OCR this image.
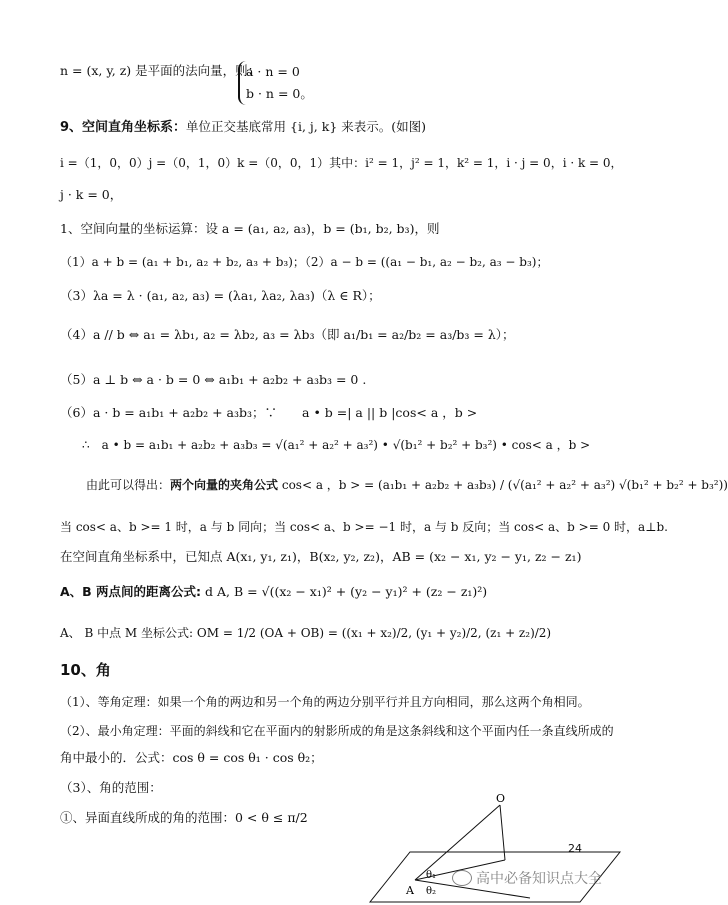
n = (x, y, z) 是平面的法向量，则：
a · n = 0
b · n = 0。
9、空间直角坐标系：单位正交基底常用 {i, j, k} 来表示。(如图)
i =（1，0，0）j =（0，1，0）k =（0，0，1）其中：i² = 1，j² = 1，k² = 1，i · j = 0，i · k = 0，
j · k = 0，
1、空间向量的坐标运算：设 a = (a₁, a₂, a₃)，b = (b₁, b₂, b₃)，则
（1）a + b = (a₁ + b₁, a₂ + b₂, a₃ + b₃)；（2）a − b = ((a₁ − b₁, a₂ − b₂, a₃ − b₃)；
（3）λa = λ · (a₁, a₂, a₃) = (λa₁, λa₂, λa₃)（λ ∈ R）；
（4）a // b ⇔ a₁ = λb₁, a₂ = λb₂, a₃ = λb₃（即 a₁/b₁ = a₂/b₂ = a₃/b₃ = λ）；
（5）a ⊥ b ⇔ a · b = 0 ⇔ a₁b₁ + a₂b₂ + a₃b₃ = 0 .
（6）a · b = a₁b₁ + a₂b₂ + a₃b₃；∵　　a • b =| a || b |cos< a ，b >
∴　a • b = a₁b₁ + a₂b₂ + a₃b₃ = √(a₁² + a₂² + a₃²) • √(b₁² + b₂² + b₃²) • cos< a ，b >
由此可以得出：两个向量的夹角公式 cos< a ，b > = (a₁b₁ + a₂b₂ + a₃b₃) / (√(a₁² + a₂² + a₃²) √(b₁² + b₂² + b₃²))
当 cos< a、b >= 1 时，a 与 b 同向；当 cos< a、b >= −1 时，a 与 b 反向；当 cos< a、b >= 0 时，a⊥b.
在空间直角坐标系中，已知点 A(x₁, y₁, z₁)，B(x₂, y₂, z₂)，AB = (x₂ − x₁, y₂ − y₁, z₂ − z₁)
A、B 两点间的距离公式: d A, B = √((x₂ − x₁)² + (y₂ − y₁)² + (z₂ − z₁)²)
A、 B 中点 M 坐标公式: OM = 1/2 (OA + OB) = ((x₁ + x₂)/2, (y₁ + y₂)/2, (z₁ + z₂)/2)
10、角
（1）、等角定理：如果一个角的两边和另一个角的两边分别平行并且方向相同，那么这两个角相同。
（2）、最小角定理：平面的斜线和它在平面内的射影所成的角是这条斜线和这个平面内任一条直线所成的
角中最小的．公式：cos θ = cos θ₁ · cos θ₂；
（3）、角的范围：
①、异面直线所成的角的范围：0 < θ ≤ π/2
O
A
θ₁
θ₂
24
高中必备知识点大全
